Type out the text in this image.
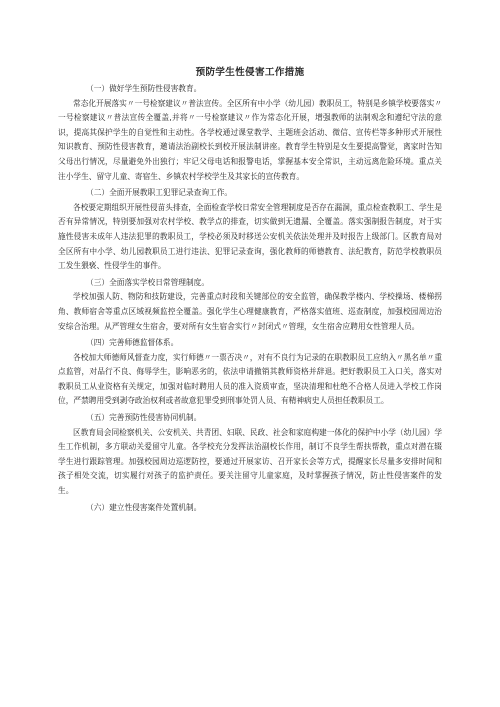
预防学生性侵害工作措施

（一）做好学生预防性侵害教育。

常态化开展落实〃一号检察建议〃普法宣传。全区所有中小学（幼儿园）教职员工，特别是乡镇学校要落实〃一号检察建议〃普法宣传全覆盖,并将〃一号检察建议〃作为常态化开展，增强教师的法制观念和遵纪守法的意识，提高其保护学生的自觉性和主动性。各学校通过课堂教学、主题班会活动、微信、宣传栏等多种形式开展性知识教育、预防性侵害教育，邀请法治副校长到校开展法制讲座。教育学生特别是女生要提高警觉，离家时告知父母出行情况，尽量避免外出独行；牢记父母电话和报警电话，掌握基本安全常识，主动远离危险环境。重点关注小学生、留守儿童、寄宿生、乡镇农村学校学生及其家长的宣传教育。

（二）全面开展教职工犯罪记录查询工作。

各校要定期组织开展性侵苗头排查，全面检查学校日常安全管理制度是否存在漏洞，重点检查教职工、学生是否有异常情况，特别要加强对农村学校、教学点的排查，切实做到无遗漏、全覆盖。落实强制报告制度，对于实施性侵害未成年人违法犯罪的教职员工，学校必须及时移送公安机关依法处理并及时报告上级部门。区教育局对全区所有中小学、幼儿园教职员工进行违法、犯罪记录查询，强化教师的师德教育、法纪教育，防范学校教职员工发生猥亵、性侵学生的事件。

（三）全面落实学校日常管理制度。

学校加强人防、物防和技防建设，完善重点时段和关键部位的安全监管，确保教学楼内、学校操场、楼梯拐角、教师宿舍等重点区域视频监控全覆盖。强化学生心理健康教育，严格落实值班、巡查制度，加强校园周边治安综合治理。从严管理女生宿舍，要对所有女生宿舍实行〃封闭式〃管理，女生宿舍应聘用女性管理人员。

（四）完善师德监督体系。

各校加大师德师风督查力度，实行师德〃一票否决〃，对有不良行为记录的在职教职员工应纳入〃黑名单〃重点监管，对品行不良、侮辱学生，影响恶劣的，依法申请撤销其教师资格并辞退。把好教职员工入口关，落实对教职员工从业资格有关规定，加强对临时聘用人员的准入资质审查，坚决清理和杜绝不合格人员进入学校工作岗位，严禁聘用受到剥夺政治权利或者故意犯罪受到刑事处罚人员、有精神病史人员担任教职员工。

（五）完善预防性侵害协同机制。

区教育局会同检察机关、公安机关、共青团、妇联、民政、社会和家庭构建一体化的保护中小学（幼儿园）学生工作机制，多方联动关爱留守儿童。各学校充分发挥法治副校长作用，制订不良学生帮扶帮教，重点对潜在辍学生进行跟踪管理。加强校园周边巡逻防控，要通过开展家访、召开家长会等方式，提醒家长尽量多安排时间和孩子相处交流，切实履行对孩子的监护责任。要关注留守儿童家庭，及时掌握孩子情况，防止性侵害案件的发生。

（六）建立性侵害案件处置机制。
